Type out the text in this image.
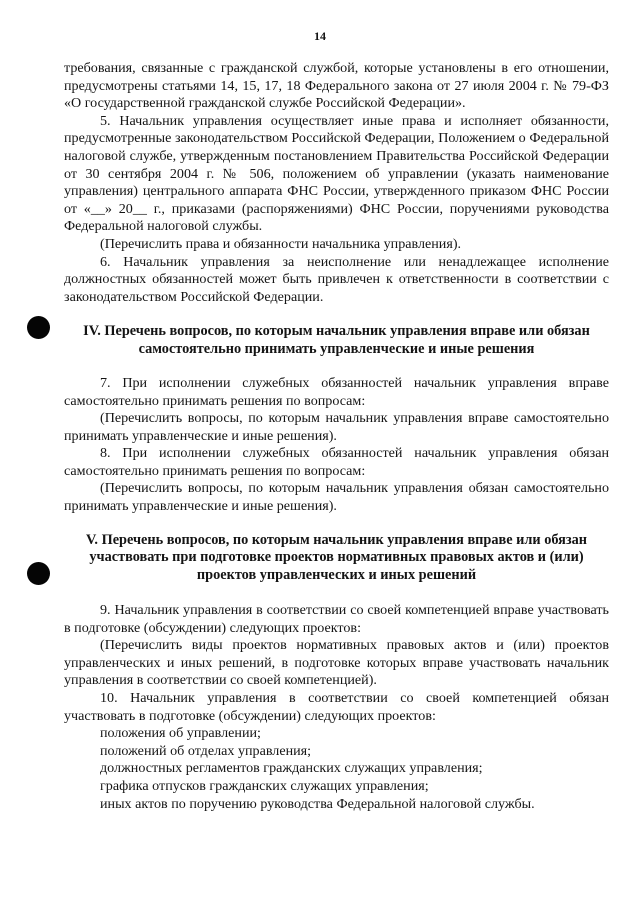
14

требования, связанные с гражданской службой, которые установлены в его отношении, предусмотрены статьями 14, 15, 17, 18 Федерального закона от 27 июля 2004 г. № 79-ФЗ «О государственной гражданской службе Российской Федерации».

5. Начальник управления осуществляет иные права и исполняет обязанности, предусмотренные законодательством Российской Федерации, Положением о Федеральной налоговой службе, утвержденным постановлением Правительства Российской Федерации от 30 сентября 2004 г. № 506, положением об управлении (указать наименование управления) центрального аппарата ФНС России, утвержденного приказом ФНС России от «__» 20__ г., приказами (распоряжениями) ФНС России, поручениями руководства Федеральной налоговой службы.

(Перечислить права и обязанности начальника управления).

6. Начальник управления за неисполнение или ненадлежащее исполнение должностных обязанностей может быть привлечен к ответственности в соответствии с законодательством Российской Федерации.

IV. Перечень вопросов, по которым начальник управления вправе или обязан
самостоятельно принимать управленческие и иные решения

7. При исполнении служебных обязанностей начальник управления вправе самостоятельно принимать решения по вопросам:

(Перечислить вопросы, по которым начальник управления вправе самостоятельно принимать управленческие и иные решения).

8. При исполнении служебных обязанностей начальник управления обязан самостоятельно принимать решения по вопросам:

(Перечислить вопросы, по которым начальник управления обязан самостоятельно принимать управленческие и иные решения).

V. Перечень вопросов, по которым начальник управления вправе или обязан
участвовать при подготовке проектов нормативных правовых актов и (или)
проектов управленческих и иных решений

9. Начальник управления в соответствии со своей компетенцией вправе участвовать в подготовке (обсуждении) следующих проектов:

(Перечислить виды проектов нормативных правовых актов и (или) проектов управленческих и иных решений, в подготовке которых вправе участвовать начальник управления в соответствии со своей компетенцией).

10. Начальник управления в соответствии со своей компетенцией обязан участвовать в подготовке (обсуждении) следующих проектов:

положения об управлении;

положений об отделах управления;

должностных регламентов гражданских служащих управления;

графика отпусков гражданских служащих управления;

иных актов по поручению руководства Федеральной налоговой службы.
